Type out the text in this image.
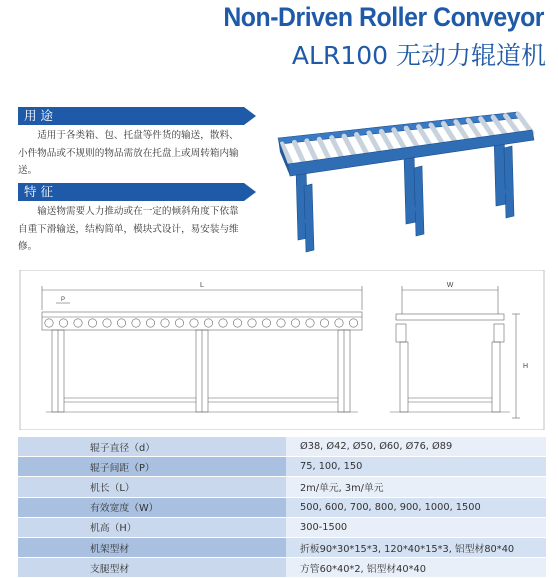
Non-Driven Roller Conveyor
ALR100 无动力辊道机
用 途
适用于各类箱、包、托盘等件货的输送，散料、小件物品或不规则的物品需放在托盘上或周转箱内输送。
特 征
输送物需要人力推动或在一定的倾斜角度下依靠自重下滑输送，结构简单，模块式设计，易安装与维修。
L
P
W
H
辊子直径（d）	Ø38, Ø42, Ø50, Ø60, Ø76, Ø89
辊子间距（P）	75, 100, 150
机长（L）	2m/单元, 3m/单元
有效宽度（W）	500, 600, 700, 800, 900, 1000, 1500
机高（H）	300-1500
机架型材	折板90*30*15*3, 120*40*15*3, 铝型材80*40
支腿型材	方管60*40*2, 铝型材40*40
